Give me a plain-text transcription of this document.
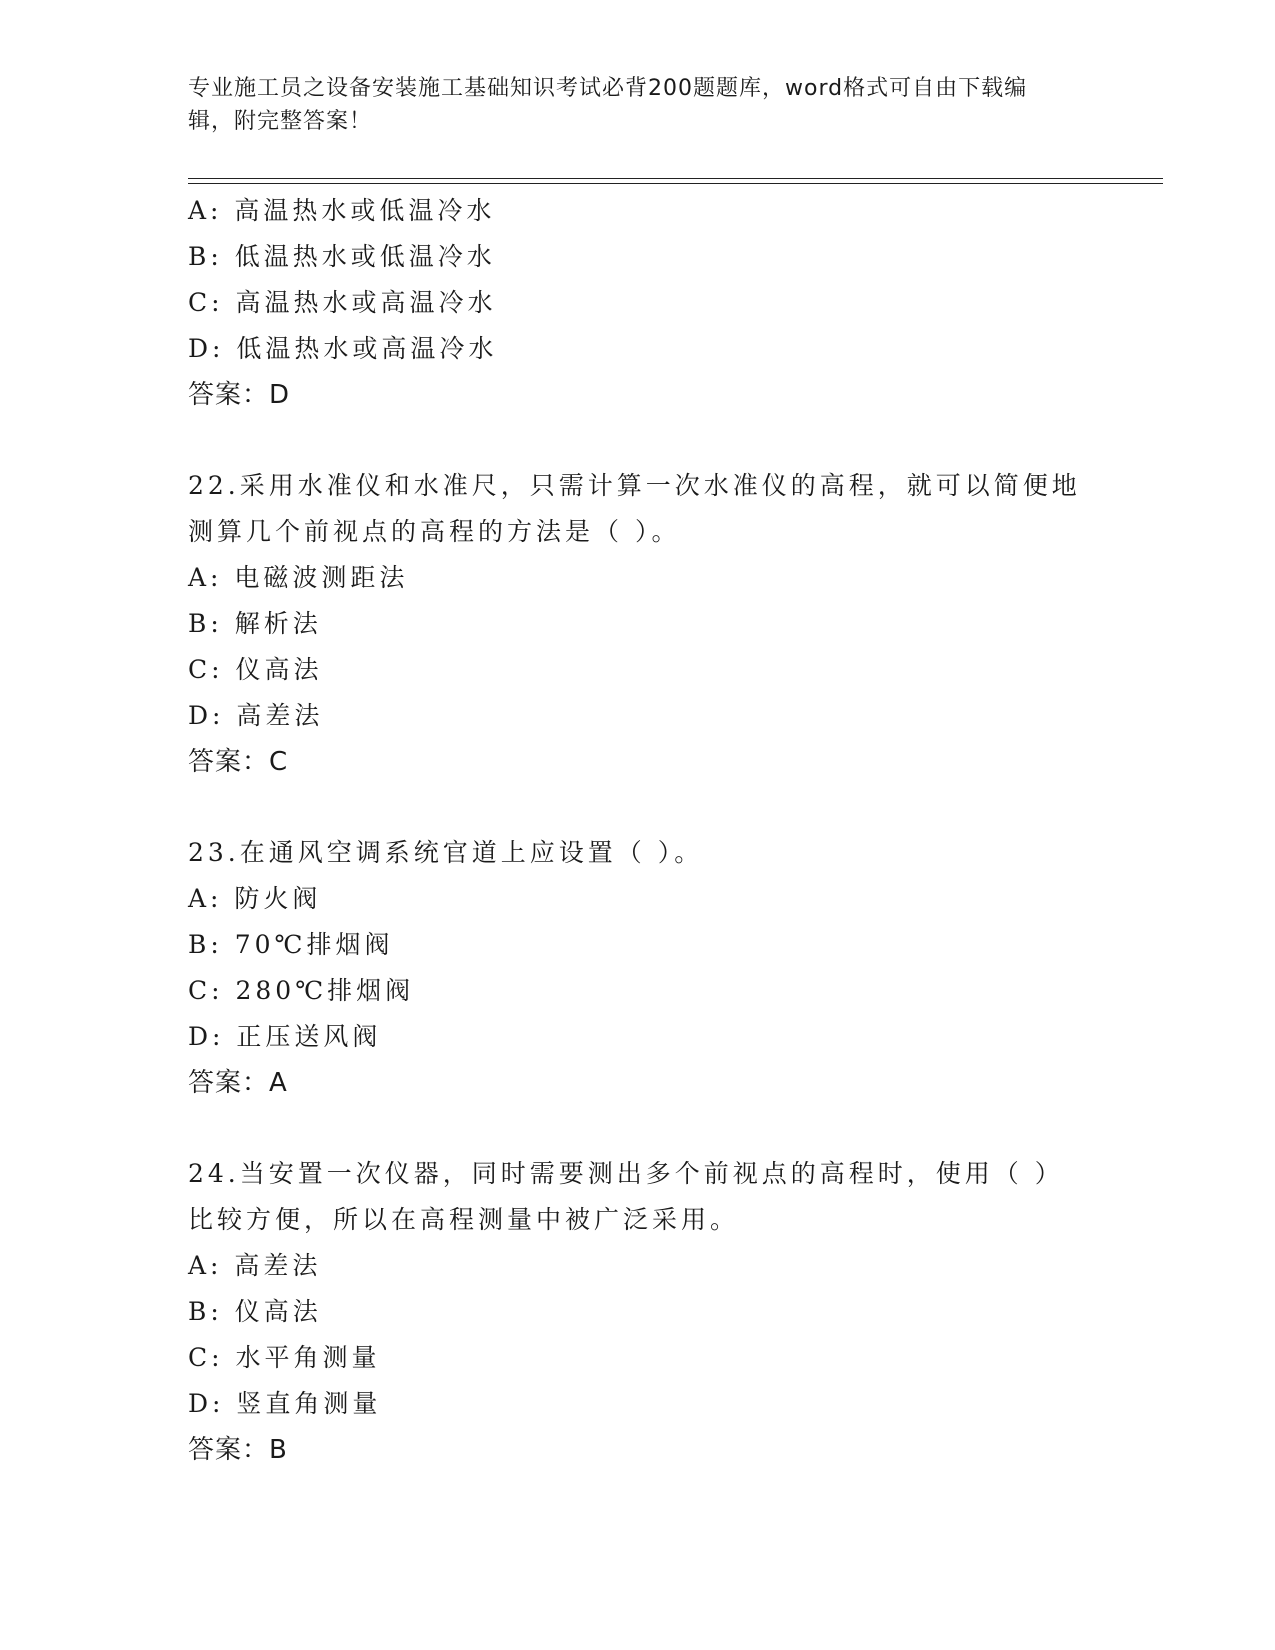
专业施工员之设备安装施工基础知识考试必背200题题库，word格式可自由下载编辑，附完整答案！
A: 高温热水或低温冷水
B: 低温热水或低温冷水
C: 高温热水或高温冷水
D: 低温热水或高温冷水
答案：D
22.采用水准仪和水准尺，只需计算一次水准仪的高程，就可以简便地测算几个前视点的高程的方法是（ ）。
A: 电磁波测距法
B: 解析法
C: 仪高法
D: 高差法
答案：C
23.在通风空调系统官道上应设置（ ）。
A: 防火阀
B: 70℃排烟阀
C: 280℃排烟阀
D: 正压送风阀
答案：A
24.当安置一次仪器，同时需要测出多个前视点的高程时，使用（ ）比较方便，所以在高程测量中被广泛采用。
A: 高差法
B: 仪高法
C: 水平角测量
D: 竖直角测量
答案：B
